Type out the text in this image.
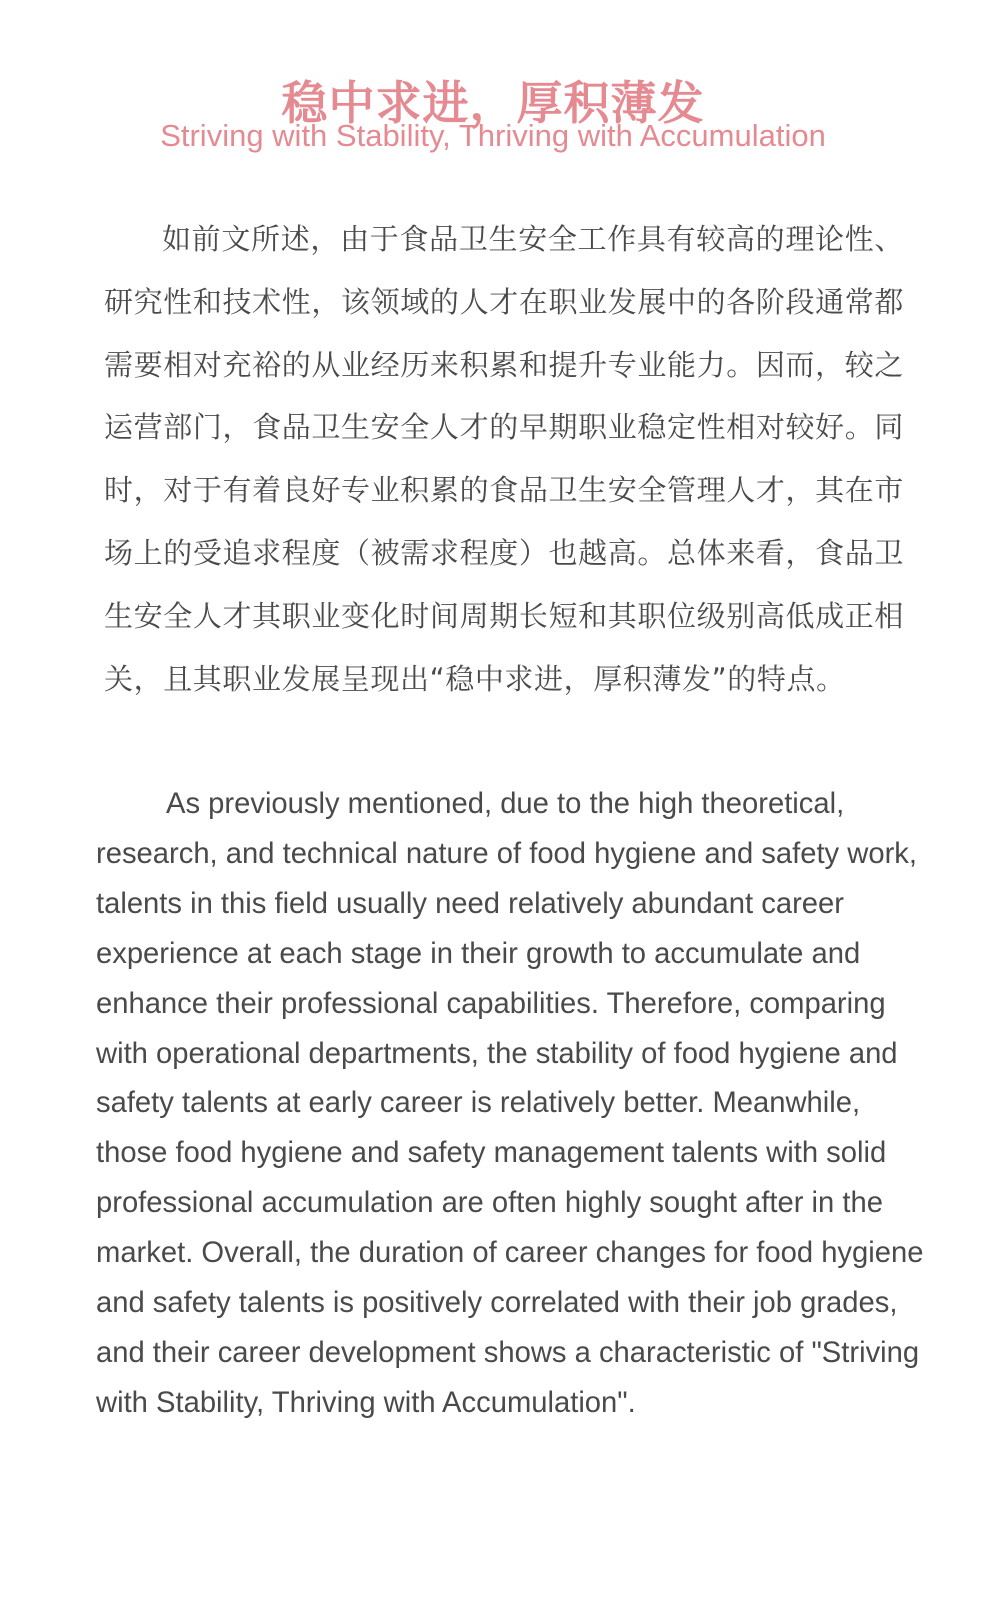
稳中求进，厚积薄发
Striving with Stability, Thriving with Accumulation

如前文所述，由于食品卫生安全工作具有较高的理论性、研究性和技术性，该领域的人才在职业发展中的各阶段通常都需要相对充裕的从业经历来积累和提升专业能力。因而，较之运营部门，食品卫生安全人才的早期职业稳定性相对较好。同时，对于有着良好专业积累的食品卫生安全管理人才，其在市场上的受追求程度（被需求程度）也越高。总体来看，食品卫生安全人才其职业变化时间周期长短和其职位级别高低成正相关，且其职业发展呈现出“稳中求进，厚积薄发”的特点。

As previously mentioned, due to the high theoretical, research, and technical nature of food hygiene and safety work, talents in this field usually need relatively abundant career experience at each stage in their growth to accumulate and enhance their professional capabilities. Therefore, comparing with operational departments, the stability of food hygiene and safety talents at early career is relatively better. Meanwhile, those food hygiene and safety management talents with solid professional accumulation are often highly sought after in the market. Overall, the duration of career changes for food hygiene and safety talents is positively correlated with their job grades, and their career development shows a characteristic of "Striving with Stability, Thriving with Accumulation".
